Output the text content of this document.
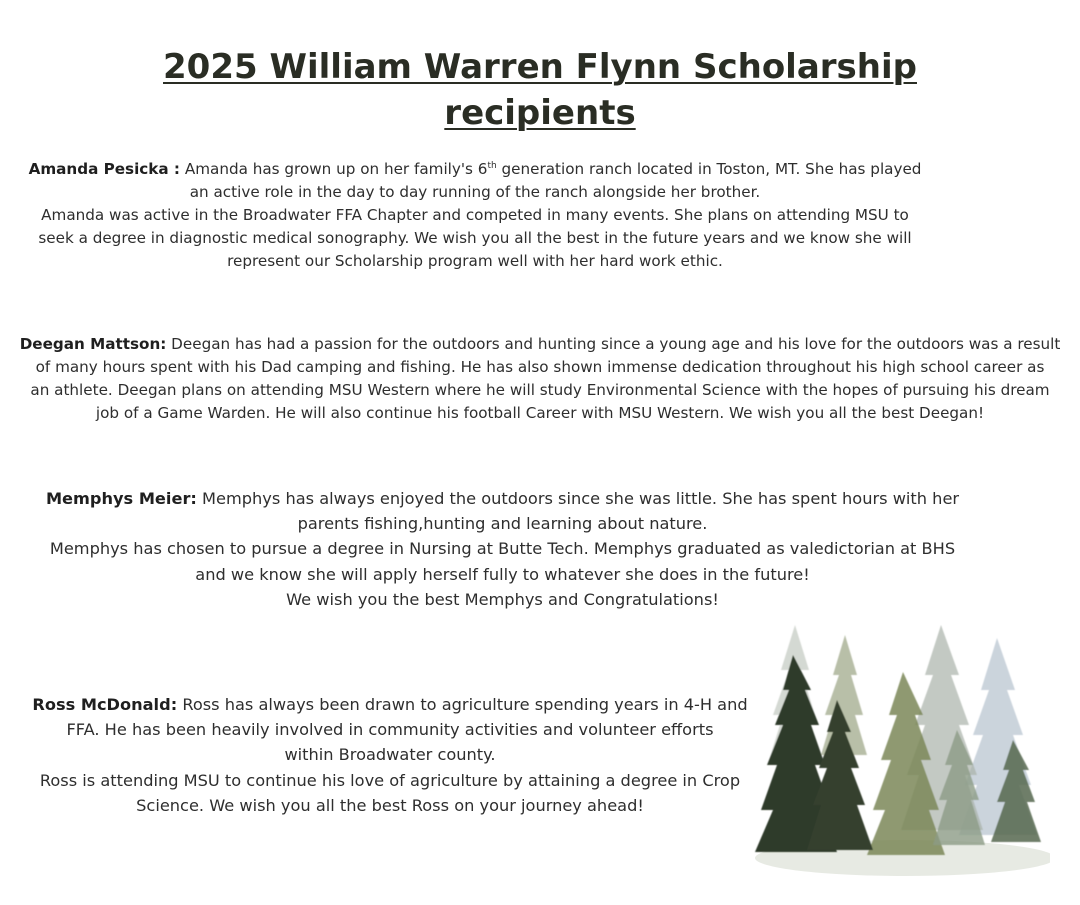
2025 William Warren Flynn Scholarship
recipients
Amanda Pesicka : Amanda has grown up on her family's 6th generation ranch located in Toston, MT. She has played
an active role in the day to day running of the ranch alongside her brother.
Amanda was active in the Broadwater FFA Chapter and competed in many events. She plans on attending MSU to
seek a degree in diagnostic medical sonography. We wish you all the best in the future years and we know she will
represent our Scholarship program well with her hard work ethic.
Deegan Mattson: Deegan has had a passion for the outdoors and hunting since a young age and his love for the outdoors was a result
of many hours spent with his Dad camping and fishing. He has also shown immense dedication throughout his high school career as
an athlete. Deegan plans on attending MSU Western where he will study Environmental Science with the hopes of pursuing his dream
job of a Game Warden. He will also continue his football Career with MSU Western. We wish you all the best Deegan!
Memphys Meier: Memphys has always enjoyed the outdoors since she was little. She has spent hours with her
parents fishing,hunting and learning about nature.
Memphys has chosen to pursue a degree in Nursing at Butte Tech. Memphys graduated as valedictorian at BHS
and we know she will apply herself fully to whatever she does in the future!
We wish you the best Memphys and Congratulations!
Ross McDonald: Ross has always been drawn to agriculture spending years in 4-H and
FFA. He has been heavily involved in community activities and volunteer efforts
within Broadwater county.
Ross is attending MSU to continue his love of agriculture by attaining a degree in Crop
Science. We wish you all the best Ross on your journey ahead!
